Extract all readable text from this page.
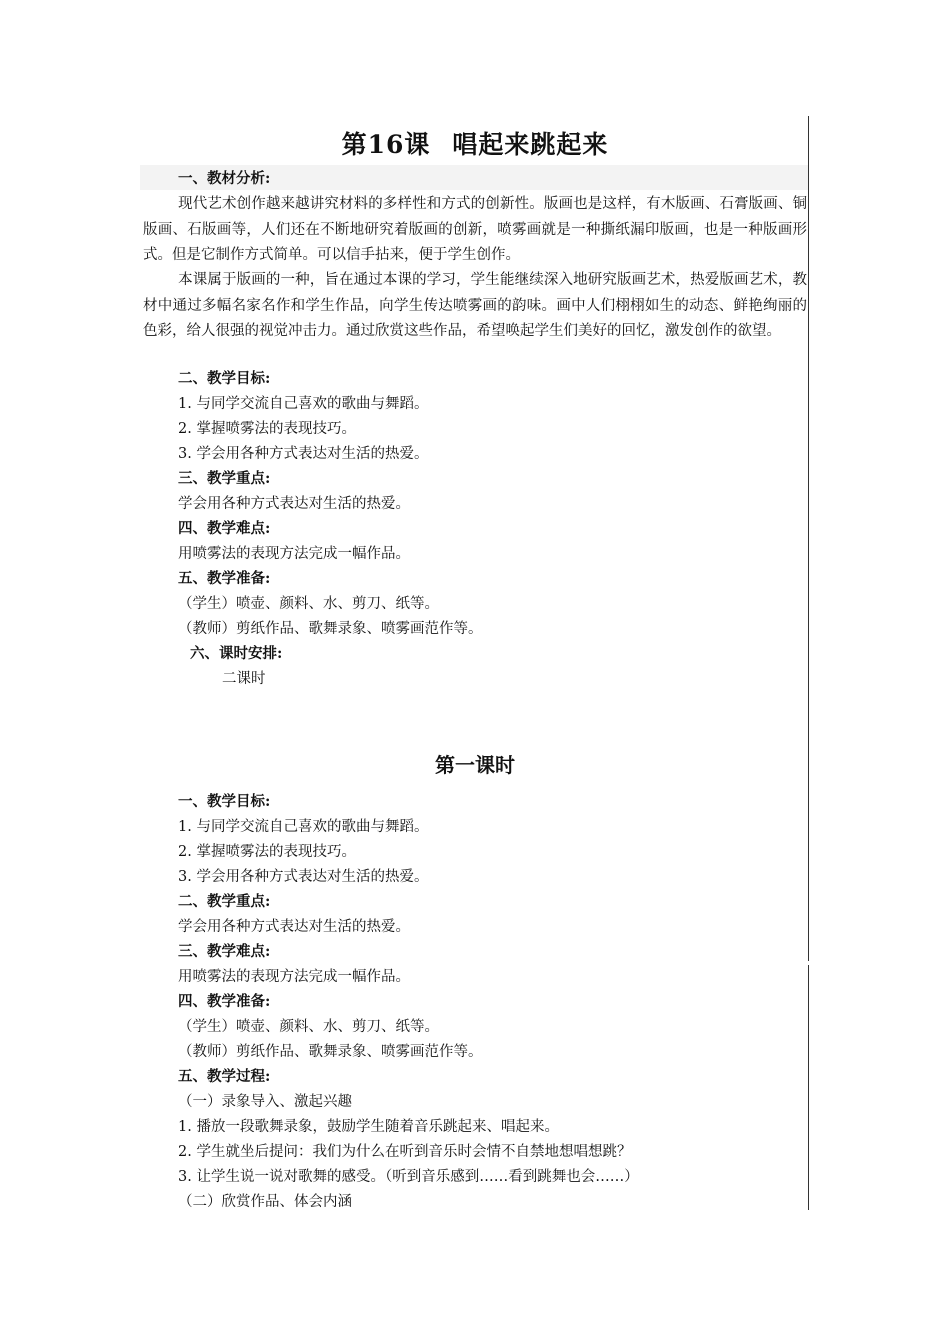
第16课 唱起来跳起来
一、教材分析:
现代艺术创作越来越讲究材料的多样性和方式的创新性。版画也是这样，有木版画、石膏版画、铜版画、石版画等，人们还在不断地研究着版画的创新，喷雾画就是一种撕纸漏印版画，也是一种版画形式。但是它制作方式简单。可以信手拈来，便于学生创作。
本课属于版画的一种，旨在通过本课的学习，学生能继续深入地研究版画艺术，热爱版画艺术，教材中通过多幅名家名作和学生作品，向学生传达喷雾画的韵味。画中人们栩栩如生的动态、鲜艳绚丽的色彩，给人很强的视觉冲击力。通过欣赏这些作品，希望唤起学生们美好的回忆，激发创作的欲望。
二、教学目标:
1. 与同学交流自己喜欢的歌曲与舞蹈。
2. 掌握喷雾法的表现技巧。
3. 学会用各种方式表达对生活的热爱。
三、教学重点:
学会用各种方式表达对生活的热爱。
四、教学难点:
用喷雾法的表现方法完成一幅作品。
五、教学准备:
（学生）喷壶、颜料、水、剪刀、纸等。
（教师）剪纸作品、歌舞录象、喷雾画范作等。
六、课时安排:
二课时
第一课时
一、教学目标:
1. 与同学交流自己喜欢的歌曲与舞蹈。
2. 掌握喷雾法的表现技巧。
3. 学会用各种方式表达对生活的热爱。
二、教学重点:
学会用各种方式表达对生活的热爱。
三、教学难点:
用喷雾法的表现方法完成一幅作品。
四、教学准备:
（学生）喷壶、颜料、水、剪刀、纸等。
（教师）剪纸作品、歌舞录象、喷雾画范作等。
五、教学过程:
（一）录象导入、激起兴趣
1. 播放一段歌舞录象，鼓励学生随着音乐跳起来、唱起来。
2. 学生就坐后提问：我们为什么在听到音乐时会情不自禁地想唱想跳？
3. 让学生说一说对歌舞的感受。（听到音乐感到……看到跳舞也会……）
（二）欣赏作品、体会内涵
